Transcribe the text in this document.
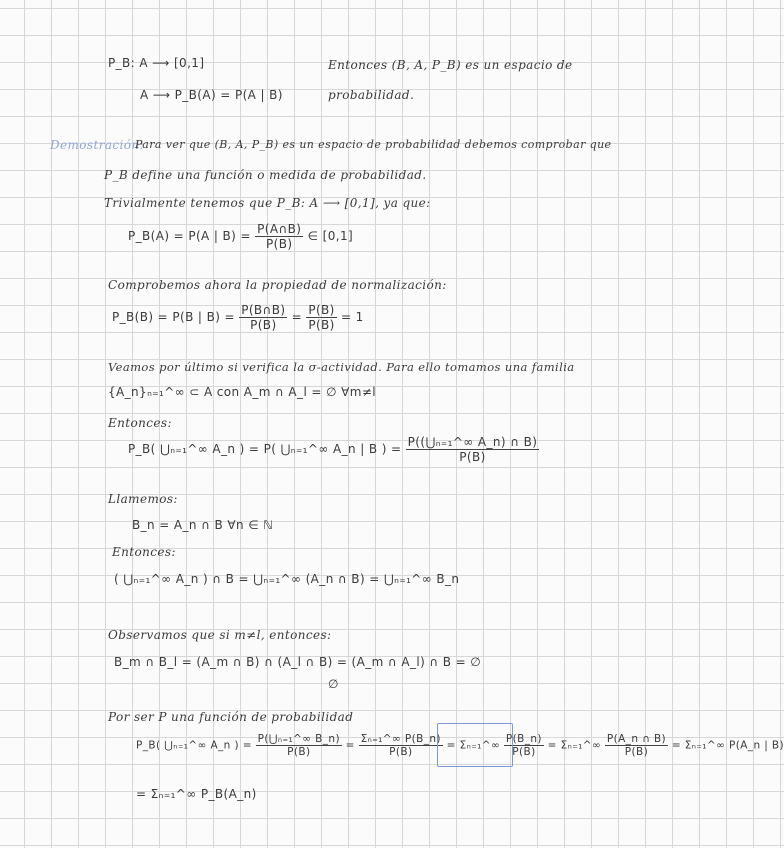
P_B: A ⟶ [0,1]
A ⟶ P_B(A) = P(A | B)
Entonces (B, A, P_B) es un espacio de
probabilidad.
Demostración:
Para ver que (B, A, P_B) es un espacio de probabilidad debemos comprobar que
P_B define una función o medida de probabilidad.
Trivialmente tenemos que P_B: A ⟶ [0,1], ya que:
P_B(A) = P(A | $B) = \frac{P(A\cap B)}{P(B)}$ ∈ [0,1]
Comprobemos ahora la propiedad de normalización:
P_B(B) = P(B | $B) = \frac{P(B\cap B)}{P(B)} = \frac{P(B)}{P(B)} = 1$
Veamos por último si verifica la σ-actividad. Para ello tomamos una familia
{A_n}ₙ₌₁^∞ ⊂ A con A_m ∩ A_l = ∅ ∀m≠l
Entonces:
P_B( ⋃ₙ₌₁^∞ A_n ) = P( ⋃ₙ₌₁^∞ A_n | B ) = $\frac{\text{P((⋃ₙ₌₁\textasciicircum{}∞ A\_n) ∩ B)}}{P(B)}$
Llamemos:
B_n = A_n ∩ B ∀n ∈ ℕ
Entonces:
( ⋃ₙ₌₁^∞ A_n ) ∩ B = ⋃ₙ₌₁^∞ (A_n ∩ B) = ⋃ₙ₌₁^∞ B_n
Observamos que si m≠l, entonces:
B_m ∩ B_l = (A_m ∩ B) ∩ (A_l ∩ B) = (A_m ∩ A_l) ∩ B = ∅
∅
Por ser P una función de probabilidad
P_B( ⋃ₙ₌₁^∞ A_n ) = $\frac{\text{P(⋃ₙ₌₁\textasciicircum{}∞ B\_n)}}{P(B)} = \frac{\text{Σₙ₌₁\textasciicircum{}∞ P(B\_n)}}{P(B)}$ = Σₙ₌₁^∞ $\frac{P(B\_n)}{P(B)}$ = Σₙ₌₁^∞ $\frac{P(A\_n \cap B)}{P(B)}$ = Σₙ₌₁^∞ P(A_n | B)
= Σₙ₌₁^∞ P_B(A_n)
